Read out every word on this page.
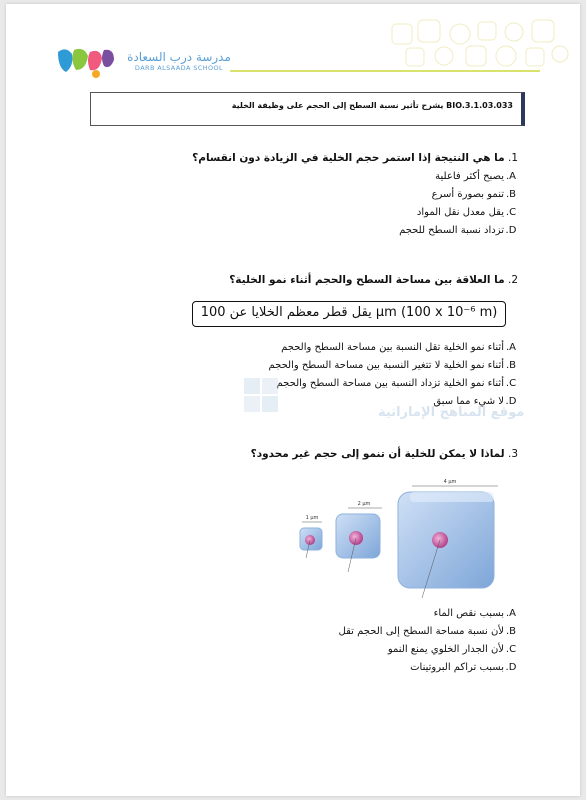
مدرسة درب السعادة
DARB ALSAADA SCHOOL
BIO.3.1.03.033 يشرح تأثير نسبة السطح إلى الحجم على وظيفة الخلية
1. ما هي النتيجة إذا استمر حجم الخلية في الزيادة دون انقسام؟
A.يصبح أكثر فاعلية
B.تنمو بصورة أسرع
C.يقل معدل نقل المواد
D.تزداد نسبة السطح للحجم
2. ما العلاقة بين مساحة السطح والحجم أثناء نمو الخلية؟
يقل قطر معظم الخلايا عن 100 μm (100 x 10⁻⁶ m)
A.أثناء نمو الخلية تقل النسبة بين مساحة السطح والحجم
B.أثناء نمو الخلية لا تتغير النسبة بين مساحة السطح والحجم
C.أثناء نمو الخلية تزداد النسبة بين مساحة السطح والحجم
D.لا شيء مما سبق
موقع المناهج الإماراتية
3. لماذا لا يمكن للخلية أن تنمو إلى حجم غير محدود؟
1 μm
2 μm
4 μm
A.بسبب نقص الماء
B.لأن نسبة مساحة السطح إلى الحجم تقل
C.لأن الجدار الخلوي يمنع النمو
D.بسبب تراكم البروتينات
